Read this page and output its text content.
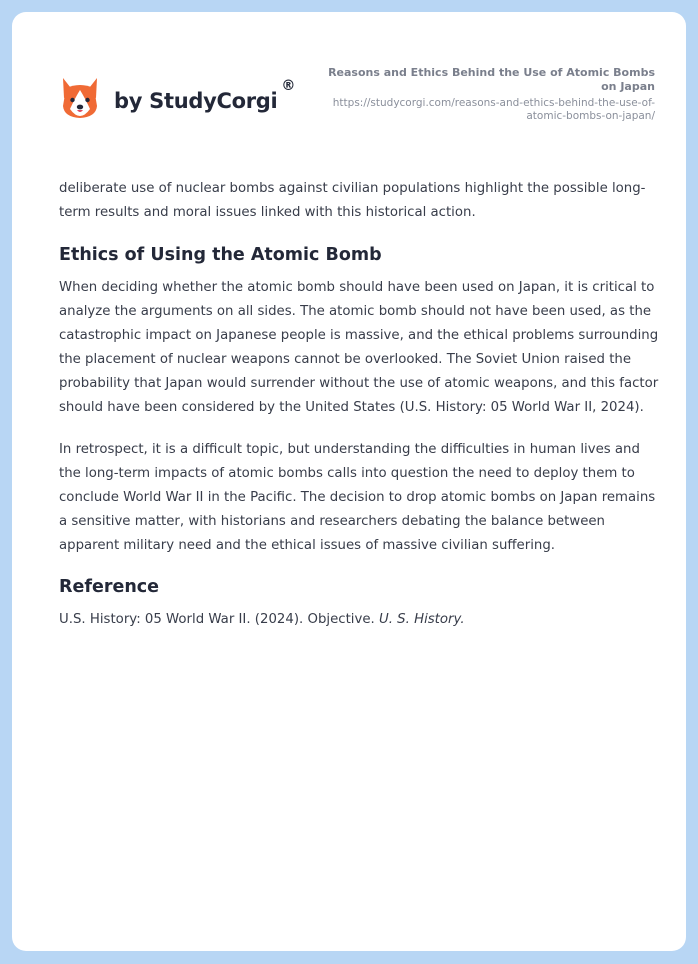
by StudyCorgi
®
Reasons and Ethics Behind the Use of Atomic Bombs on Japan
https://studycorgi.com/reasons-and-ethics-behind-the-use-of-atomic-bombs-on-japan/

deliberate use of nuclear bombs against civilian populations highlight the possible long-term results and moral issues linked with this historical action.

Ethics of Using the Atomic Bomb

When deciding whether the atomic bomb should have been used on Japan, it is critical to analyze the arguments on all sides. The atomic bomb should not have been used, as the catastrophic impact on Japanese people is massive, and the ethical problems surrounding the placement of nuclear weapons cannot be overlooked. The Soviet Union raised the probability that Japan would surrender without the use of atomic weapons, and this factor should have been considered by the United States (U.S. History: 05 World War II, 2024).

In retrospect, it is a difficult topic, but understanding the difficulties in human lives and the long-term impacts of atomic bombs calls into question the need to deploy them to conclude World War II in the Pacific. The decision to drop atomic bombs on Japan remains a sensitive matter, with historians and researchers debating the balance between apparent military need and the ethical issues of massive civilian suffering.

Reference

U.S. History: 05 World War II. (2024). Objective. U. S. History.
